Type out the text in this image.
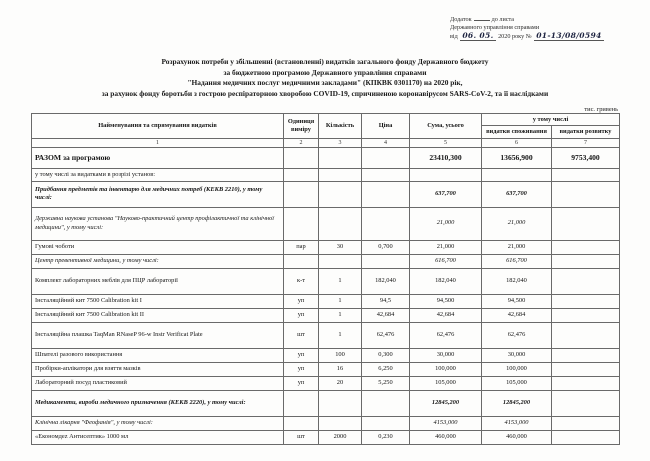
Додаток	до листа
Державного управління справами
від 06. 05. 2020 року № 01-13/08/0594
Розрахунок потреби у збільшенні (встановленні) видатків загального фонду Державного бюджету
за бюджетною програмою Державного управління справами
"Надання медичних послуг медичними закладами" (КПКВК 0301170) на 2020 рік,
за рахунок фонду боротьби з гострою респіраторною хворобою COVID-19, спричиненою коронавірусом SARS-CoV-2, та її наслідками
тис. гривень
Найменування та спрямування видатків	Одиниця виміру	Кількість	Ціна	Сума, усього	у тому числі	
					видатки споживання	видатки розвитку
1	2	3	4	5	6	7
РАЗОМ за програмою				23410,300	13656,900	9753,400
у тому числі за видатками в розрізі установ:						
Придбання предметів та інвентарю для медичних потреб (КЕКВ 2210), у тому числі:				637,700	637,700	
Державна наукова установа "Науково-практичний центр профілактичної та клінічної медицини", у тому числі:				21,000	21,000	
Гумові чоботи	пар	30	0,700	21,000	21,000	
Центр превентивної медицини, у тому числі:				616,700	616,700	
Комплект лабораторних меблів для ПЦР лабораторії	к-т	1	182,040	182,040	182,040	
Інсталяційний кит 7500 Calibration kit I	уп	1	94,5	94,500	94,500	
Інсталяційний кит 7500 Calibration kit II	уп	1	42,684	42,684	42,684	
Інсталяційна плашка TaqMan RNaseP 96-w Instr Verificat Plate	шт	1	62,476	62,476	62,476	
Шпателі разового використання	уп	100	0,300	30,000	30,000	
Пробірки-аплікатори для взяття мазків	уп	16	6,250	100,000	100,000	
Лабораторний посуд пластиковий	уп	20	5,250	105,000	105,000	
Медикаменти, вироби медичного призначення (КЕКВ 2220), у тому числі:				12845,200	12845,200	
Клінічна лікарня "Феофанія", у тому числі:				4153,000	4153,000	
«Економдez Антисептик» 1000 мл	шт	2000	0,230	460,000	460,000	
